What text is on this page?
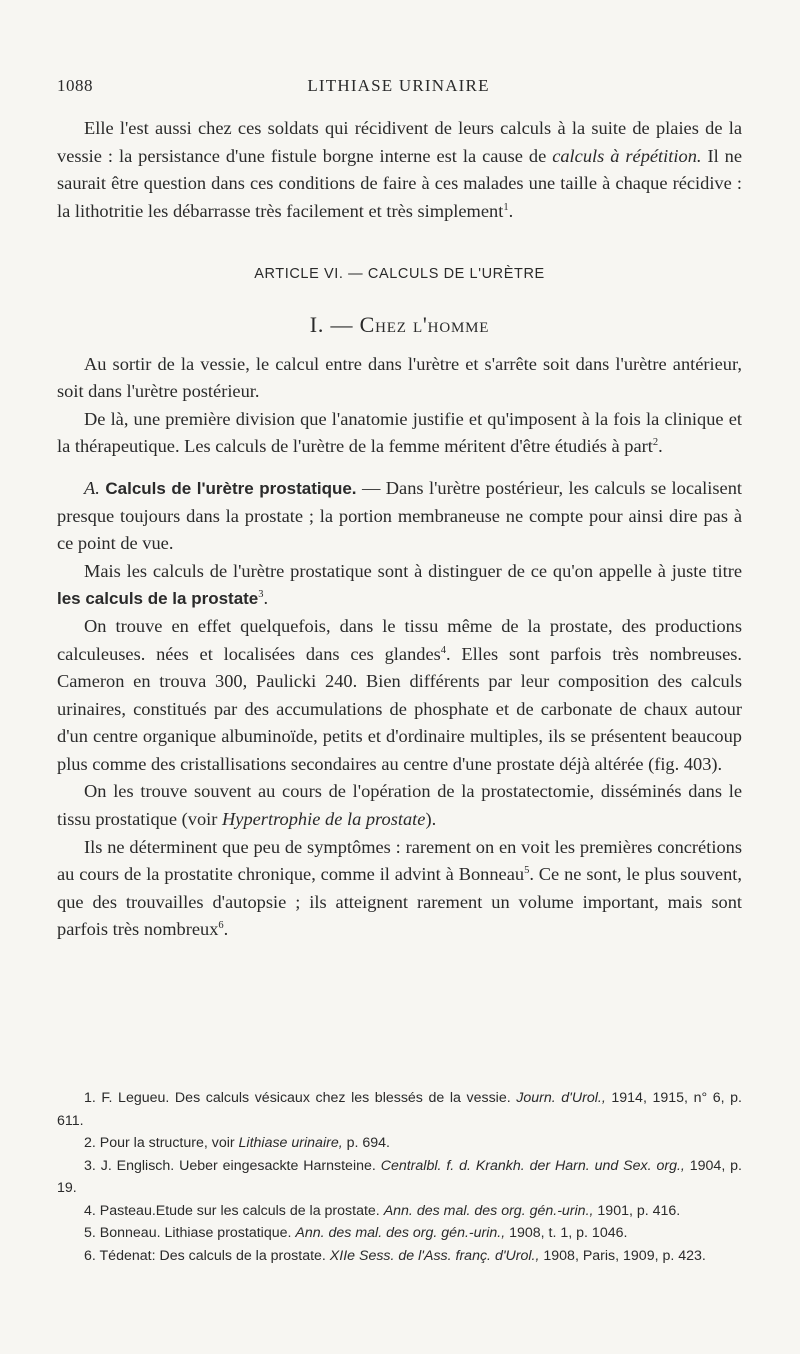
1088	LITHIASE URINAIRE

Elle l'est aussi chez ces soldats qui récidivent de leurs calculs à la suite de plaies de la vessie : la persistance d'une fistule borgne interne est la cause de calculs à répétition. Il ne saurait être question dans ces conditions de faire à ces malades une taille à chaque récidive : la lithotritie les débarrasse très facilement et très simplement$^1$.

ARTICLE VI. — CALCULS DE L'URÈTRE
I. — Chez l'homme

Au sortir de la vessie, le calcul entre dans l'urètre et s'arrête soit dans l'urètre antérieur, soit dans l'urètre postérieur.

De là, une première division que l'anatomie justifie et qu'imposent à la fois la clinique et la thérapeutique. Les calculs de l'urètre de la femme méritent d'être étudiés à part$^2$.

A. Calculs de l'urètre prostatique. — Dans l'urètre postérieur, les calculs se localisent presque toujours dans la prostate ; la portion membraneuse ne compte pour ainsi dire pas à ce point de vue.

Mais les calculs de l'urètre prostatique sont à distinguer de ce qu'on appelle à juste titre les calculs de la prostate$^3$.

On trouve en effet quelquefois, dans le tissu même de la prostate, des productions calculeuses. nées et localisées dans ces glandes$^4$. Elles sont parfois très nombreuses. Cameron en trouva 300, Paulicki 240. Bien différents par leur composition des calculs urinaires, constitués par des accumulations de phosphate et de carbonate de chaux autour d'un centre organique albuminoïde, petits et d'ordinaire multiples, ils se présentent beaucoup plus comme des cristallisations secondaires au centre d'une prostate déjà altérée (fig. 403).

On les trouve souvent au cours de l'opération de la prostatectomie, disséminés dans le tissu prostatique (voir Hypertrophie de la prostate).

Ils ne déterminent que peu de symptômes : rarement on en voit les premières concrétions au cours de la prostatite chronique, comme il advint à Bonneau$^5$. Ce ne sont, le plus souvent, que des trouvailles d'autopsie ; ils atteignent rarement un volume important, mais sont parfois très nombreux$^6$.

1. F. Legueu. Des calculs vésicaux chez les blessés de la vessie. Journ. d'Urol., 1914, 1915, n° 6, p. 611.

2. Pour la structure, voir Lithiase urinaire, p. 694.

3. J. Englisch. Ueber eingesackte Harnsteine. Centralbl. f. d. Krankh. der Harn. und Sex. org., 1904, p. 19.

4. Pasteau.Etude sur les calculs de la prostate. Ann. des mal. des org. gén.-urin., 1901, p. 416.

5. Bonneau. Lithiase prostatique. Ann. des mal. des org. gén.-urin., 1908, t. 1, p. 1046.

6. Tédenat: Des calculs de la prostate. XIIe Sess. de l'Ass. franç. d'Urol., 1908, Paris, 1909, p. 423.
